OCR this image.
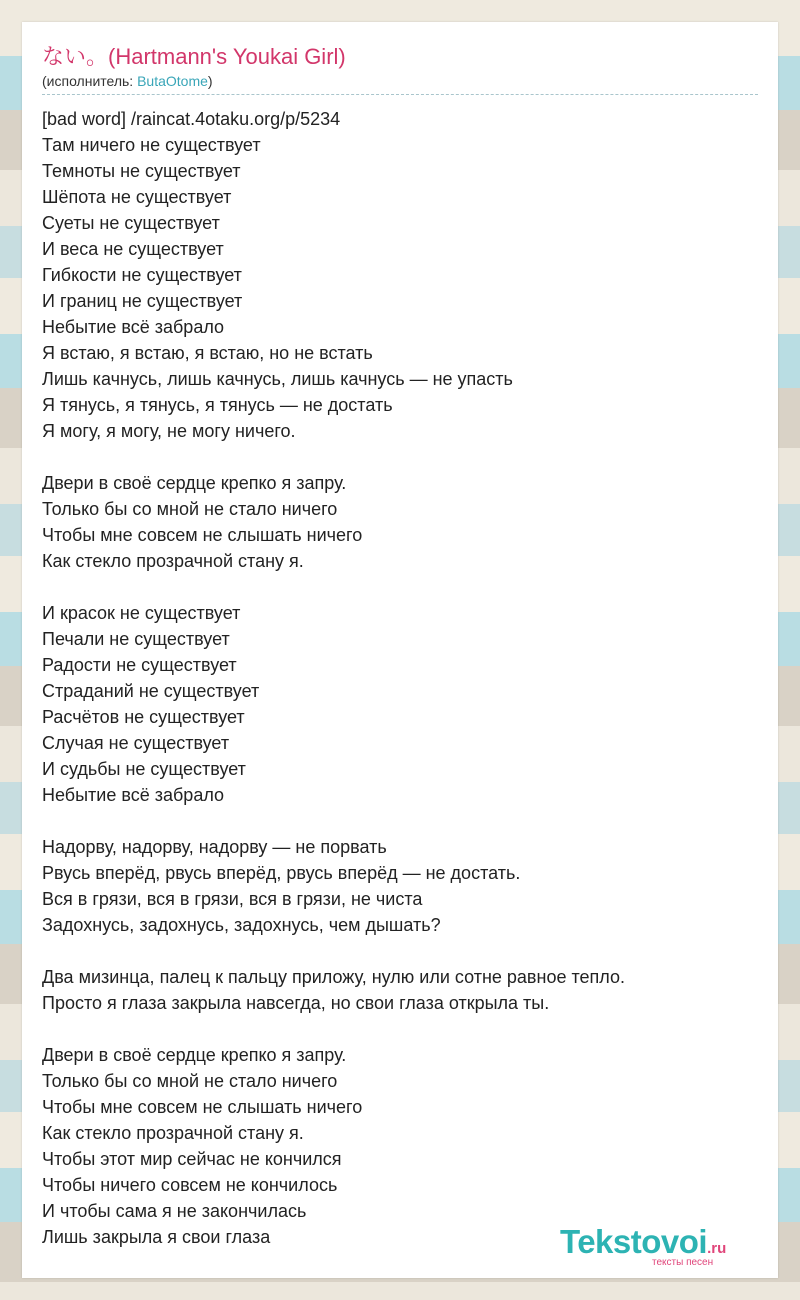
ない。(Hartmann's Youkai Girl)
(исполнитель: ButaOtome)
[bad word] /raincat.4otaku.org/p/5234
Там ничего не существует
Темноты не существует
Шёпота не существует
Суеты не существует
И веса не существует
Гибкости не существует
И границ не существует
Небытие всё забрало
Я встаю, я встаю, я встаю, но не встать
Лишь качнусь, лишь качнусь, лишь качнусь — не упасть
Я тянусь, я тянусь, я тянусь — не достать
Я могу, я могу, не могу ничего.
Двери в своё сердце крепко я запру.
Только бы со мной не стало ничего
Чтобы мне совсем не слышать ничего
Как стекло прозрачной стану я.
И красок не существует
Печали не существует
Радости не существует
Страданий не существует
Расчётов не существует
Случая не существует
И судьбы не существует
Небытие всё забрало
Надорву, надорву, надорву — не порвать
Рвусь вперёд, рвусь вперёд, рвусь вперёд — не достать.
Вся в грязи, вся в грязи, вся в грязи, не чиста
Задохнусь, задохнусь, задохнусь, чем дышать?
Два мизинца, палец к пальцу приложу, нулю или сотне равное тепло.
Просто я глаза закрыла навсегда, но свои глаза открыла ты.
Двери в своё сердце крепко я запру.
Только бы со мной не стало ничего
Чтобы мне совсем не слышать ничего
Как стекло прозрачной стану я.
Чтобы этот мир сейчас не кончился
Чтобы ничего совсем не кончилось
И чтобы сама я не закончилась
Лишь закрыла я свои глаза	Tekstovoi.ru
тексты песен
